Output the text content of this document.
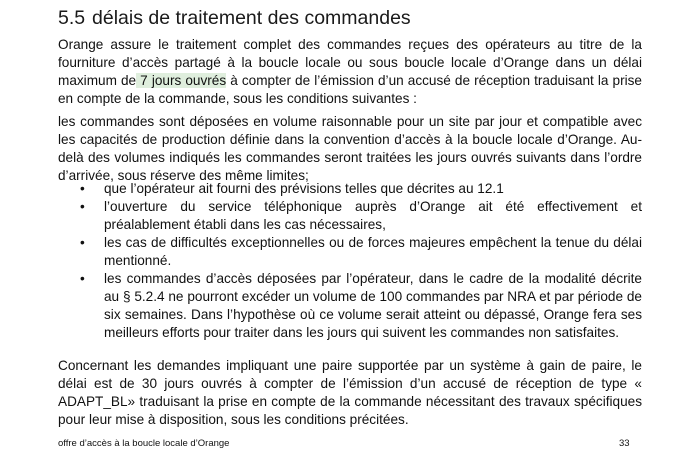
5.5 délais de traitement des commandes

Orange assure le traitement complet des commandes reçues des opérateurs au titre de la fourniture d’accès partagé à la boucle locale ou sous boucle locale d’Orange dans un délai maximum de 7 jours ouvrés à compter de l’émission d’un accusé de réception traduisant la prise en compte de la commande, sous les conditions suivantes :

les commandes sont déposées en volume raisonnable pour un site par jour et compatible avec les capacités de production définie dans la convention d’accès à la boucle locale d’Orange. Au-delà des volumes indiqués les commandes seront traitées les jours ouvrés suivants dans l’ordre d’arrivée, sous réserve des même limites;

• que l’opérateur ait fourni des prévisions telles que décrites au 12.1
• l’ouverture du service téléphonique auprès d’Orange ait été effectivement et préalablement établi dans les cas nécessaires,
• les cas de difficultés exceptionnelles ou de forces majeures empêchent la tenue du délai mentionné.
• les commandes d’accès déposées par l’opérateur, dans le cadre de la modalité décrite au § 5.2.4 ne pourront excéder un volume de 100 commandes par NRA et par période de six semaines. Dans l’hypothèse où ce volume serait atteint ou dépassé, Orange fera ses meilleurs efforts pour traiter dans les jours qui suivent les commandes non satisfaites.

Concernant les demandes impliquant une paire supportée par un système à gain de paire, le délai est de 30 jours ouvrés à compter de l’émission d’un accusé de réception de type « ADAPT_BL» traduisant la prise en compte de la commande nécessitant des travaux spécifiques pour leur mise à disposition, sous les conditions précitées.

offre d’accès à la boucle locale d’Orange	33
